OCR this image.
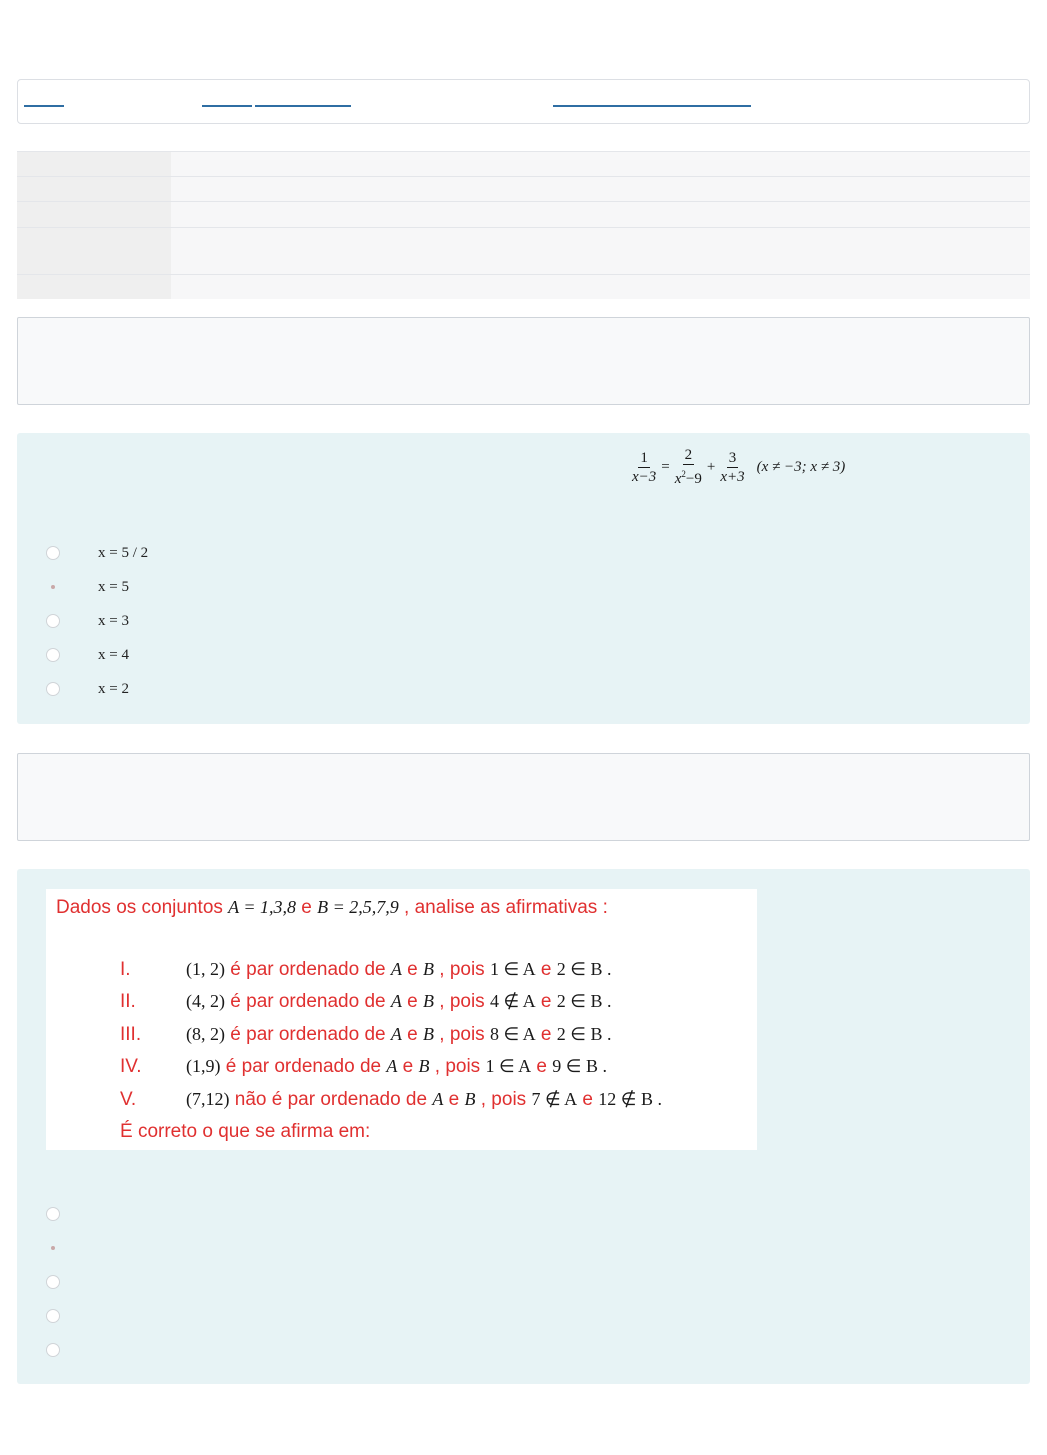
$\frac{1}{x-3} = \frac{2}{x^2-9} + \frac{3}{x+3} (x \ne -3$; x ≠ 3)
x = 5 / 2
x = 5
x = 3
x = 4
x = 2
Dados os conjuntos A = 1,3,8 e B = 2,5,7,9 , analise as afirmativas :
I.	(1, 2) é par ordenado de A e B , pois 1 ∈ A e 2 ∈ B .
II.	(4, 2) é par ordenado de A e B , pois 4 ∉ A e 2 ∈ B .
III. (8, 2) é par ordenado de A e B , pois 8 ∈ A e 2 ∈ B .
IV. (1,9) é par ordenado de A e B , pois 1 ∈ A e 9 ∈ B .
V.	(7,12) não é par ordenado de A e B , pois 7 ∉ A e 12 ∉ B .
É correto o que se afirma em:
